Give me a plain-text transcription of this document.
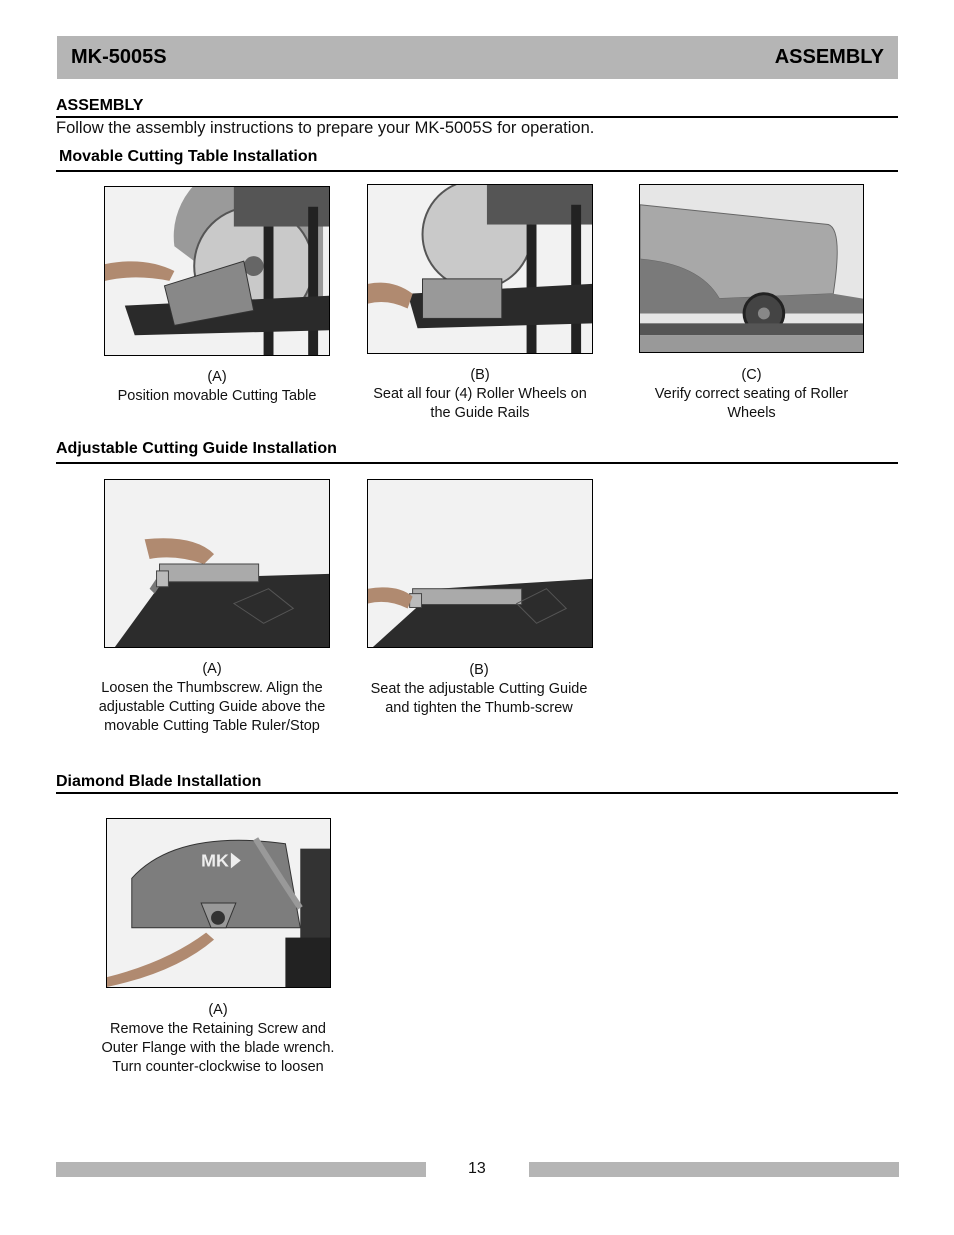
MK-5005S	ASSEMBLY
ASSEMBLY
Follow the assembly instructions to prepare your MK-5005S for operation.
Movable Cutting Table Installation
(A)
Position movable Cutting Table
(B)
Seat all four (4) Roller Wheels on the Guide Rails
(C)
Verify correct seating of Roller Wheels
Adjustable Cutting Guide Installation
(A)
Loosen the Thumbscrew. Align the adjustable Cutting Guide above the movable Cutting Table Ruler/Stop
(B)
Seat the adjustable Cutting Guide and tighten the Thumb-screw
Diamond Blade Installation
MK
(A)
Remove the Retaining Screw and Outer Flange with the blade wrench. Turn counter-clockwise to loosen
13
